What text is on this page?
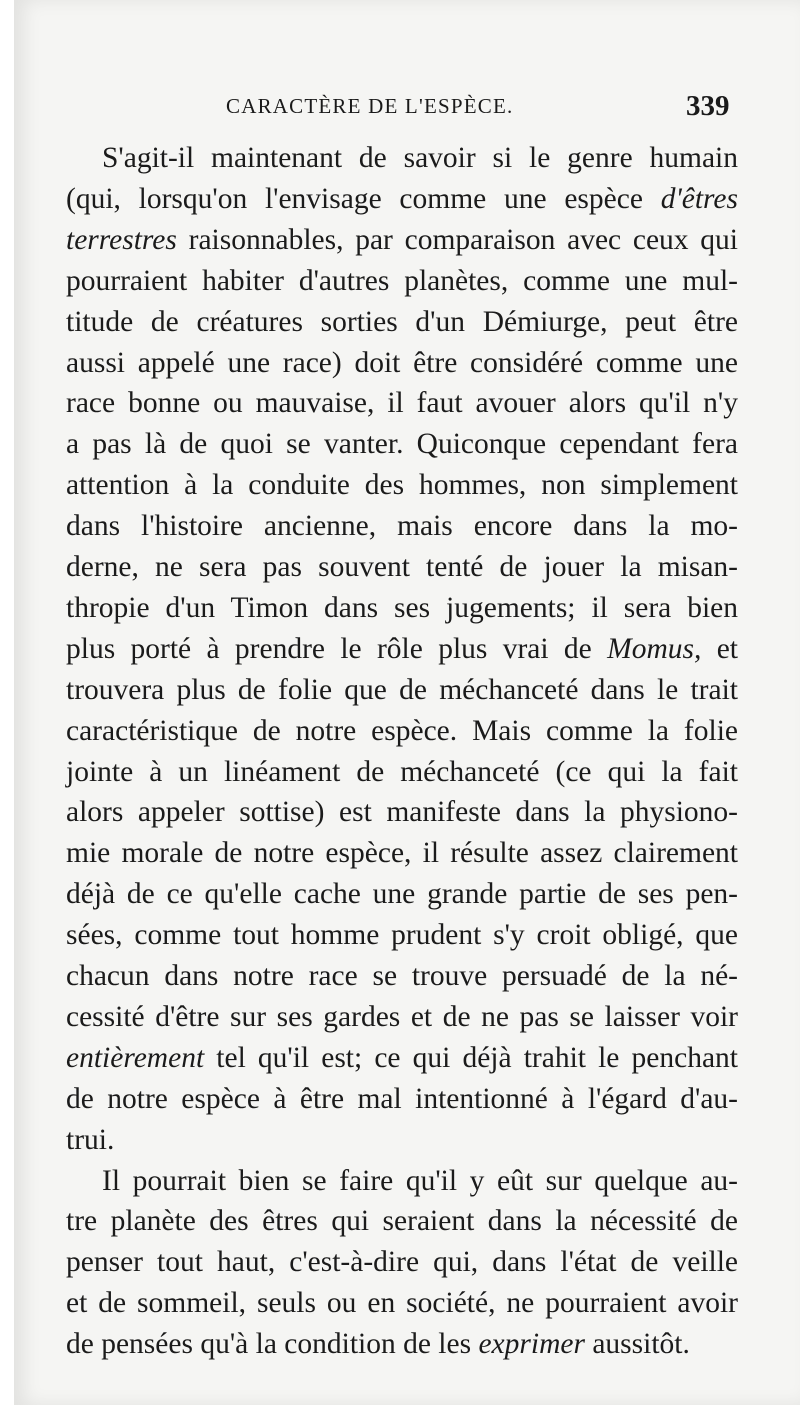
CARACTÈRE DE L'ESPÈCE.	339
S'agit-il maintenant de savoir si le genre humain
(qui, lorsqu'on l'envisage comme une espèce d'êtres
terrestres raisonnables, par comparaison avec ceux qui
pourraient habiter d'autres planètes, comme une mul-
titude de créatures sorties d'un Démiurge, peut être
aussi appelé une race) doit être considéré comme une
race bonne ou mauvaise, il faut avouer alors qu'il n'y
a pas là de quoi se vanter. Quiconque cependant fera
attention à la conduite des hommes, non simplement
dans l'histoire ancienne, mais encore dans la mo-
derne, ne sera pas souvent tenté de jouer la misan-
thropie d'un Timon dans ses jugements; il sera bien
plus porté à prendre le rôle plus vrai de Momus, et
trouvera plus de folie que de méchanceté dans le trait
caractéristique de notre espèce. Mais comme la folie
jointe à un linéament de méchanceté (ce qui la fait
alors appeler sottise) est manifeste dans la physiono-
mie morale de notre espèce, il résulte assez clairement
déjà de ce qu'elle cache une grande partie de ses pen-
sées, comme tout homme prudent s'y croit obligé, que
chacun dans notre race se trouve persuadé de la né-
cessité d'être sur ses gardes et de ne pas se laisser voir
entièrement tel qu'il est; ce qui déjà trahit le penchant
de notre espèce à être mal intentionné à l'égard d'au-
trui.
Il pourrait bien se faire qu'il y eût sur quelque au-
tre planète des êtres qui seraient dans la nécessité de
penser tout haut, c'est-à-dire qui, dans l'état de veille
et de sommeil, seuls ou en société, ne pourraient avoir
de pensées qu'à la condition de les exprimer aussitôt.
